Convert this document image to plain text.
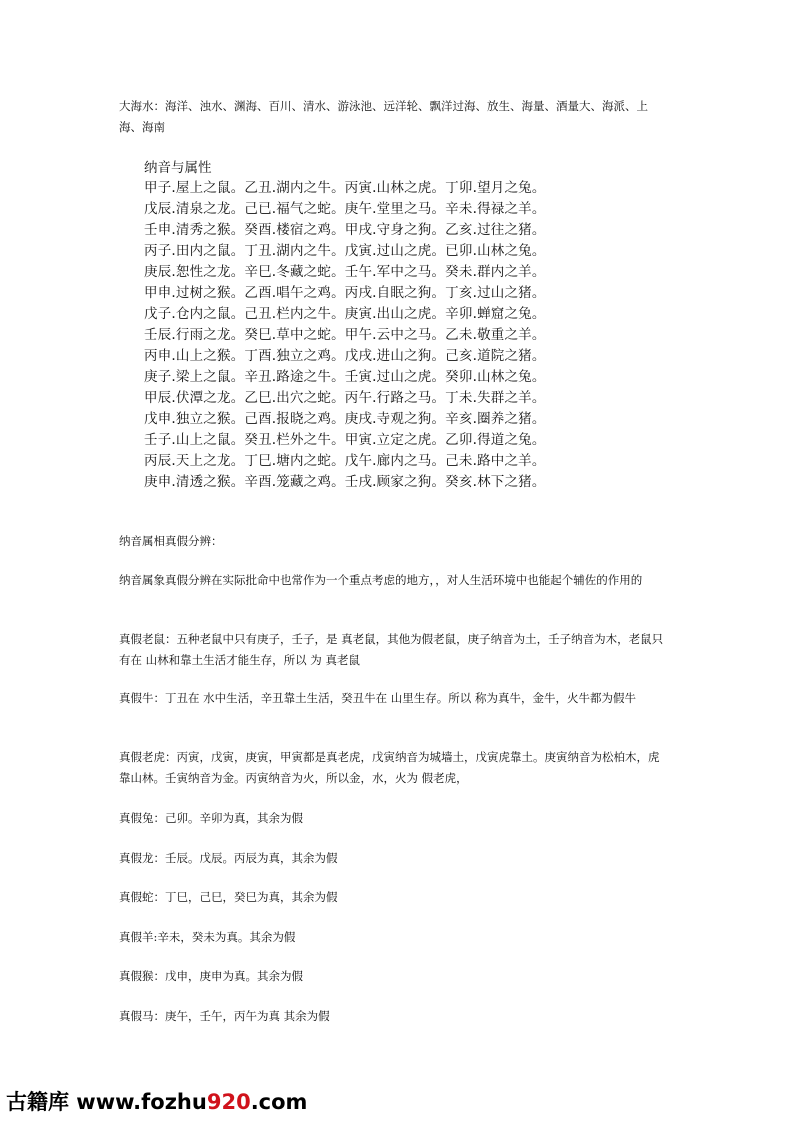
大海水：海洋、浊水、渊海、百川、清水、游泳池、远洋轮、飘洋过海、放生、海量、酒量大、海派、上海、海南
纳音与属性
甲子.屋上之鼠。乙丑.湖内之牛。丙寅.山林之虎。丁卯.望月之兔。
戊辰.清泉之龙。己已.福气之蛇。庚午.堂里之马。辛未.得禄之羊。
壬申.清秀之猴。癸酉.楼宿之鸡。甲戌.守身之狗。乙亥.过往之猪。
丙子.田内之鼠。丁丑.湖内之牛。戊寅.过山之虎。已卯.山林之兔。
庚辰.恕性之龙。辛巳.冬藏之蛇。壬午.军中之马。癸未.群内之羊。
甲申.过树之猴。乙酉.唱午之鸡。丙戌.自眠之狗。丁亥.过山之猪。
戊子.仓内之鼠。己丑.栏内之牛。庚寅.出山之虎。辛卯.蝉窟之兔。
壬辰.行雨之龙。癸巳.草中之蛇。甲午.云中之马。乙未.敬重之羊。
丙申.山上之猴。丁酉.独立之鸡。戊戌.进山之狗。己亥.道院之猪。
庚子.梁上之鼠。辛丑.路途之牛。壬寅.过山之虎。癸卯.山林之兔。
甲辰.伏潭之龙。乙巳.出穴之蛇。丙午.行路之马。丁未.失群之羊。
戊申.独立之猴。己酉.报晓之鸡。庚戌.寺观之狗。辛亥.圈养之猪。
壬子.山上之鼠。癸丑.栏外之牛。甲寅.立定之虎。乙卯.得道之兔。
丙辰.天上之龙。丁巳.塘内之蛇。戊午.廊内之马。己未.路中之羊。
庚申.清透之猴。辛酉.笼藏之鸡。壬戌.顾家之狗。癸亥.林下之猪。
纳音属相真假分辨：
纳音属象真假分辨在实际批命中也常作为一个重点考虑的地方，，对人生活环境中也能起个辅佐的作用的
真假老鼠：五种老鼠中只有庚子，壬子，是 真老鼠，其他为假老鼠，庚子纳音为土，壬子纳音为木，老鼠只有在 山林和靠土生活才能生存，所以 为 真老鼠
真假牛：丁丑在 水中生活，辛丑靠土生活，癸丑牛在 山里生存。所以 称为真牛，金牛，火牛都为假牛
真假老虎：丙寅，戊寅，庚寅，甲寅都是真老虎，戊寅纳音为城墙土，戊寅虎靠土。庚寅纳音为松柏木，虎靠山林。壬寅纳音为金。丙寅纳音为火，所以金，水，火为 假老虎，
真假兔：己卯。辛卯为真，其余为假
真假龙：壬辰。戊辰。丙辰为真，其余为假
真假蛇：丁巳，己巳，癸巳为真，其余为假
真假羊:辛未，癸未为真。其余为假
真假猴：戊申，庚申为真。其余为假
真假马：庚午，壬午，丙午为真 其余为假
古籍库 www.fozhu920.com
